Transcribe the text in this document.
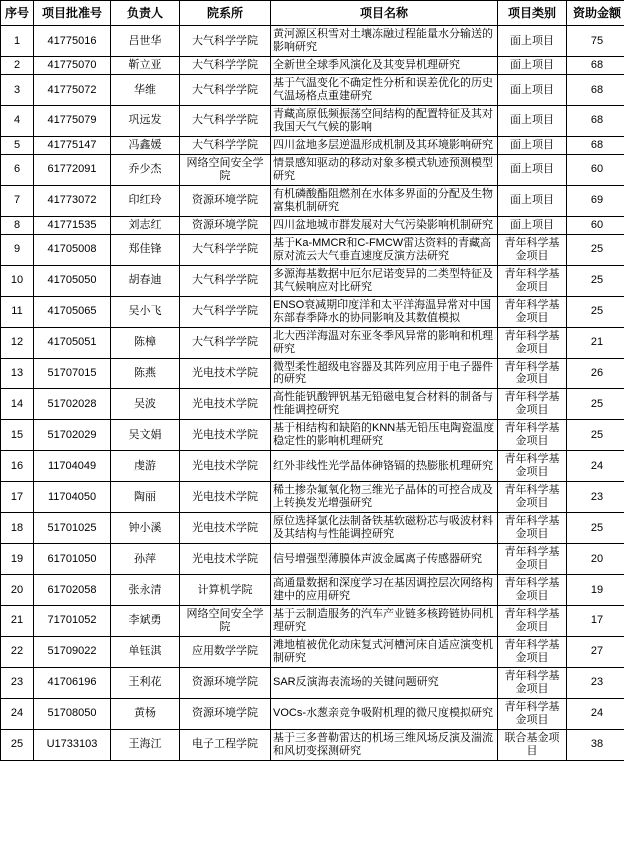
序号	项目批准号	负责人	院系所	项目名称	项目类别	资助金额
1	41775016	吕世华	大气科学学院	黄河源区积雪对土壤冻融过程能量水分输送的影响研究	面上项目	75
2	41775070	靳立亚	大气科学学院	全新世全球季风演化及其变异机理研究	面上项目	68
3	41775072	华维	大气科学学院	基于气温变化不确定性分析和误差优化的历史气温场格点重建研究	面上项目	68
4	41775079	巩远发	大气科学学院	青藏高原低频振荡空间结构的配置特征及其对我国天气气候的影响	面上项目	68
5	41775147	冯鑫媛	大气科学学院	四川盆地多层逆温形成机制及其环境影响研究	面上项目	68
6	61772091	乔少杰	网络空间安全学院	情景感知驱动的移动对象多模式轨迹预测模型研究	面上项目	60
7	41773072	印红玲	资源环境学院	有机磷酸酯阻燃剂在水体多界面的分配及生物富集机制研究	面上项目	69
8	41771535	刘志红	资源环境学院	四川盆地城市群发展对大气污染影响机制研究	面上项目	60
9	41705008	郑佳锋	大气科学学院	基于Ka-MMCR和C-FMCW雷达资料的青藏高原对流云大气垂直速度反演方法研究	青年科学基金项目	25
10	41705050	胡春迪	大气科学学院	多源海基数据中厄尔尼诺变异的二类型特征及其气候响应对比研究	青年科学基金项目	25
11	41705065	吴小飞	大气科学学院	ENSO衰减期印度洋和太平洋海温异常对中国东部春季降水的协同影响及其数值模拟	青年科学基金项目	25
12	41705051	陈樟	大气科学学院	北大西洋海温对东亚冬季风异常的影响和机理研究	青年科学基金项目	21
13	51707015	陈燕	光电技术学院	微型柔性超级电容器及其阵列应用于电子器件的研究	青年科学基金项目	26
14	51702028	吴波	光电技术学院	高性能钒酸钾钒基无铅磁电复合材料的制备与性能调控研究	青年科学基金项目	25
15	51702029	吴文娟	光电技术学院	基于相结构和缺陷的KNN基无铅压电陶瓷温度稳定性的影响机理研究	青年科学基金项目	25
16	11704049	虔游	光电技术学院	红外非线性光学晶体砷铬镉的热膨胀机理研究	青年科学基金项目	24
17	11704050	陶丽	光电技术学院	稀土掺杂氟氧化物三维光子晶体的可控合成及上转换发光增强研究	青年科学基金项目	23
18	51701025	钟小溪	光电技术学院	原位选择氯化法制备铁基软磁粉芯与吸波材料及其结构与性能调控研究	青年科学基金项目	25
19	61701050	孙萍	光电技术学院	信号增强型薄膜体声波金属离子传感器研究	青年科学基金项目	20
20	61702058	张永清	计算机学院	高通量数据和深度学习在基因调控层次网络构建中的应用研究	青年科学基金项目	19
21	71701052	李斌勇	网络空间安全学院	基于云制造服务的汽车产业链多核跨链协同机理研究	青年科学基金项目	17
22	51709022	单钰淇	应用数学学院	滩地植被优化动床复式河槽河床自适应演变机制研究	青年科学基金项目	27
23	41706196	王利花	资源环境学院	SAR反演海表流场的关键问题研究	青年科学基金项目	23
24	51708050	黄杨	资源环境学院	VOCs-水葱亲竞争吸附机理的微尺度模拟研究	青年科学基金项目	24
25	U1733103	王海江	电子工程学院	基于三多普勒雷达的机场三维风场反演及湍流和风切变探测研究	联合基金项目	38
